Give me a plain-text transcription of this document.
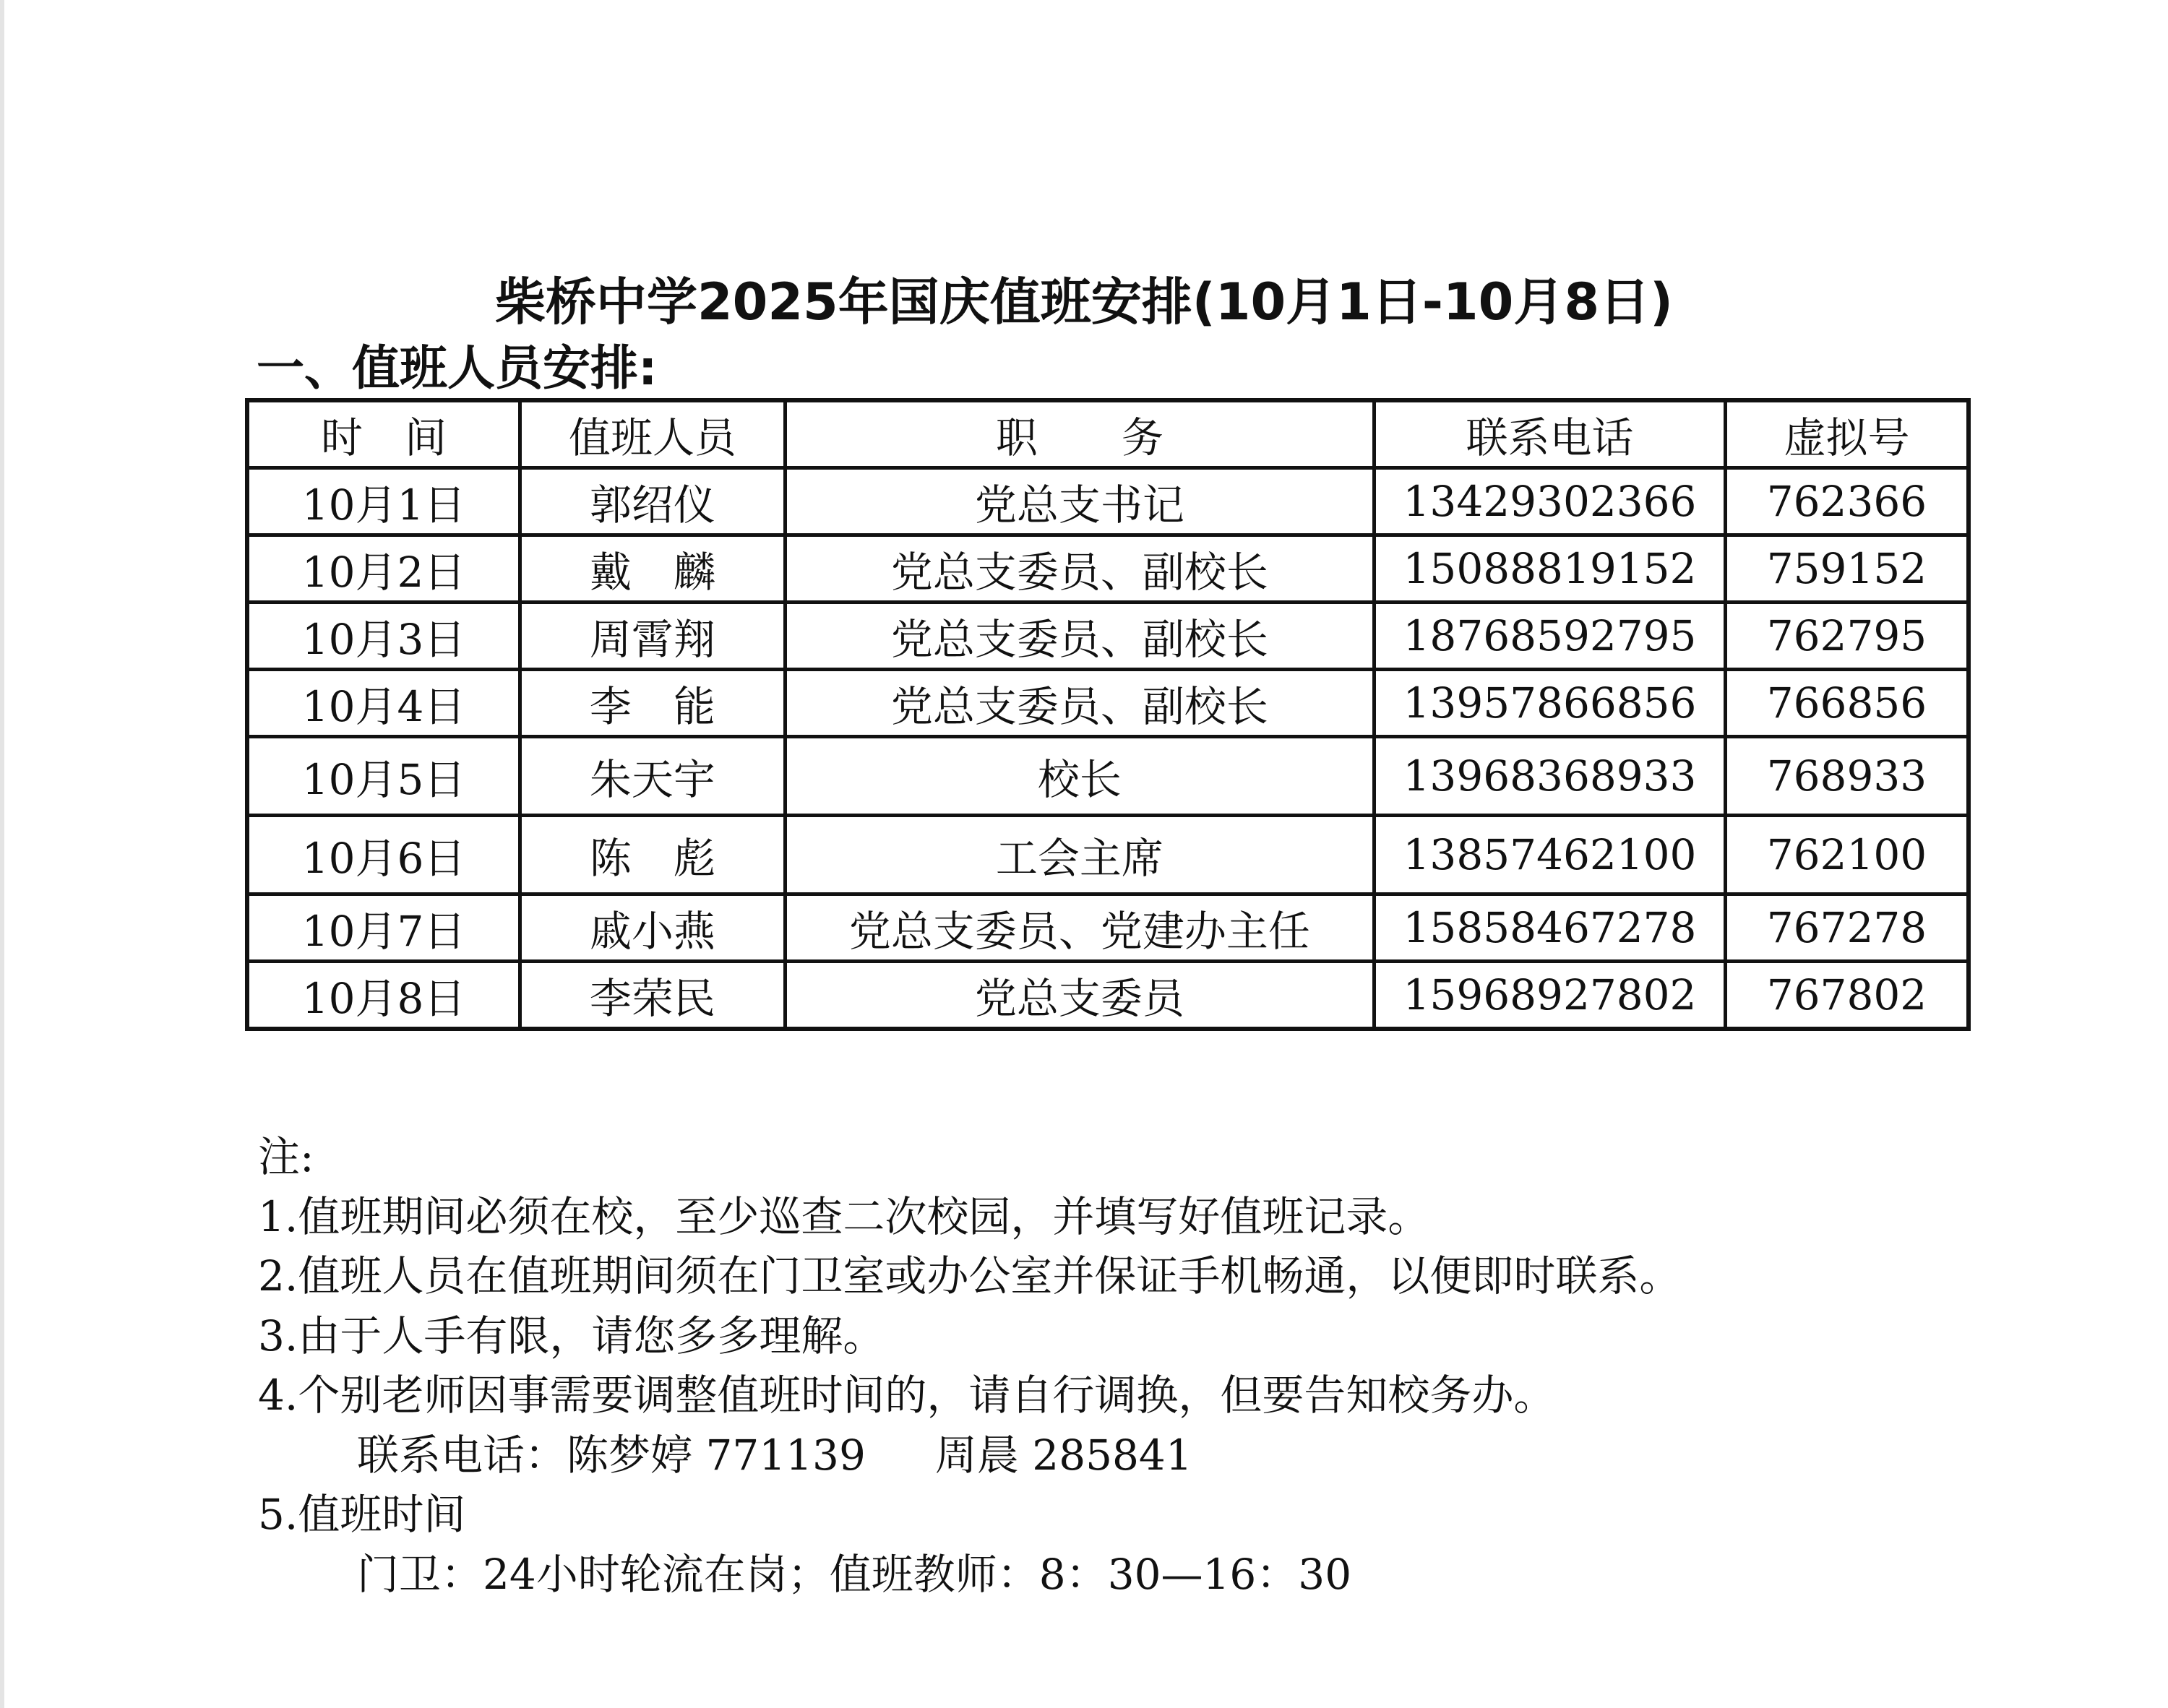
柴桥中学2025年国庆值班安排(10月1日-10月8日)
一、值班人员安排:
时　间	值班人员	职　　务	联系电话	虚拟号
10月1日	郭绍仪	党总支书记	13429302366	762366
10月2日	戴　麟	党总支委员、副校长	15088819152	759152
10月3日	周霄翔	党总支委员、副校长	18768592795	762795
10月4日	李　能	党总支委员、副校长	13957866856	766856
10月5日	朱天宇	校长	13968368933	768933
10月6日	陈　彪	工会主席	13857462100	762100
10月7日	戚小燕	党总支委员、党建办主任	15858467278	767278
10月8日	李荣民	党总支委员	15968927802	767802
注:
1.值班期间必须在校，至少巡查二次校园，并填写好值班记录。
2.值班人员在值班期间须在门卫室或办公室并保证手机畅通，以便即时联系。
3.由于人手有限，请您多多理解。
4.个别老师因事需要调整值班时间的，请自行调换，但要告知校务办。
联系电话：陈梦婷 771139 周晨 285841
5.值班时间
门卫：24小时轮流在岗；值班教师：8：30—16：30
